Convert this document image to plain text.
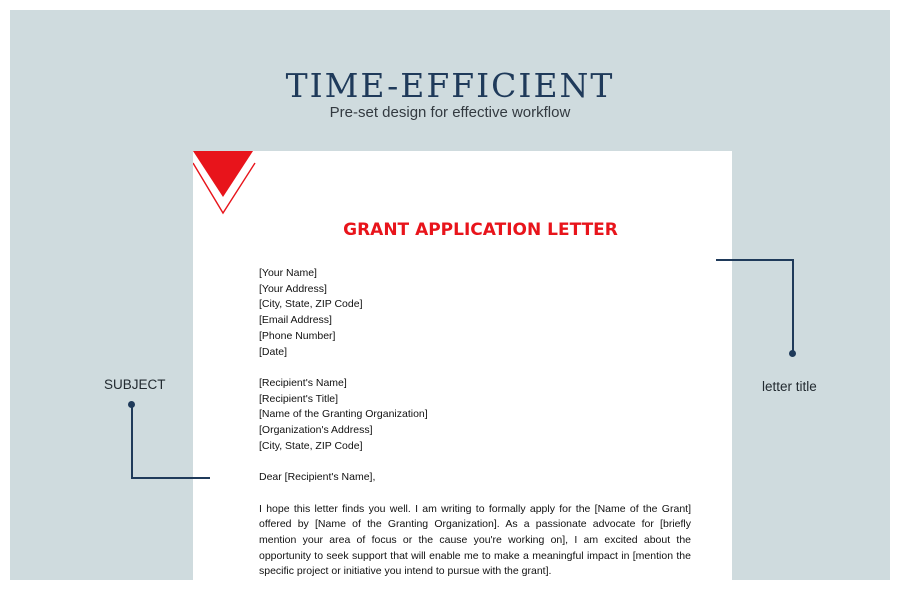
TIME-EFFICIENT
Pre-set design for effective workflow
GRANT APPLICATION LETTER
[Your Name]
[Your Address]
[City, State, ZIP Code]
[Email Address]
[Phone Number]
[Date]
[Recipient's Name]
[Recipient's Title]
[Name of the Granting Organization]
[Organization's Address]
[City, State, ZIP Code]
Dear [Recipient's Name],
I hope this letter finds you well. I am writing to formally apply for the [Name of the Grant] offered by [Name of the Granting Organization]. As a passionate advocate for [briefly mention your area of focus or the cause you're working on], I am excited about the opportunity to seek support that will enable me to make a meaningful impact in [mention the specific project or initiative you intend to pursue with the grant].
letter title
SUBJECT
